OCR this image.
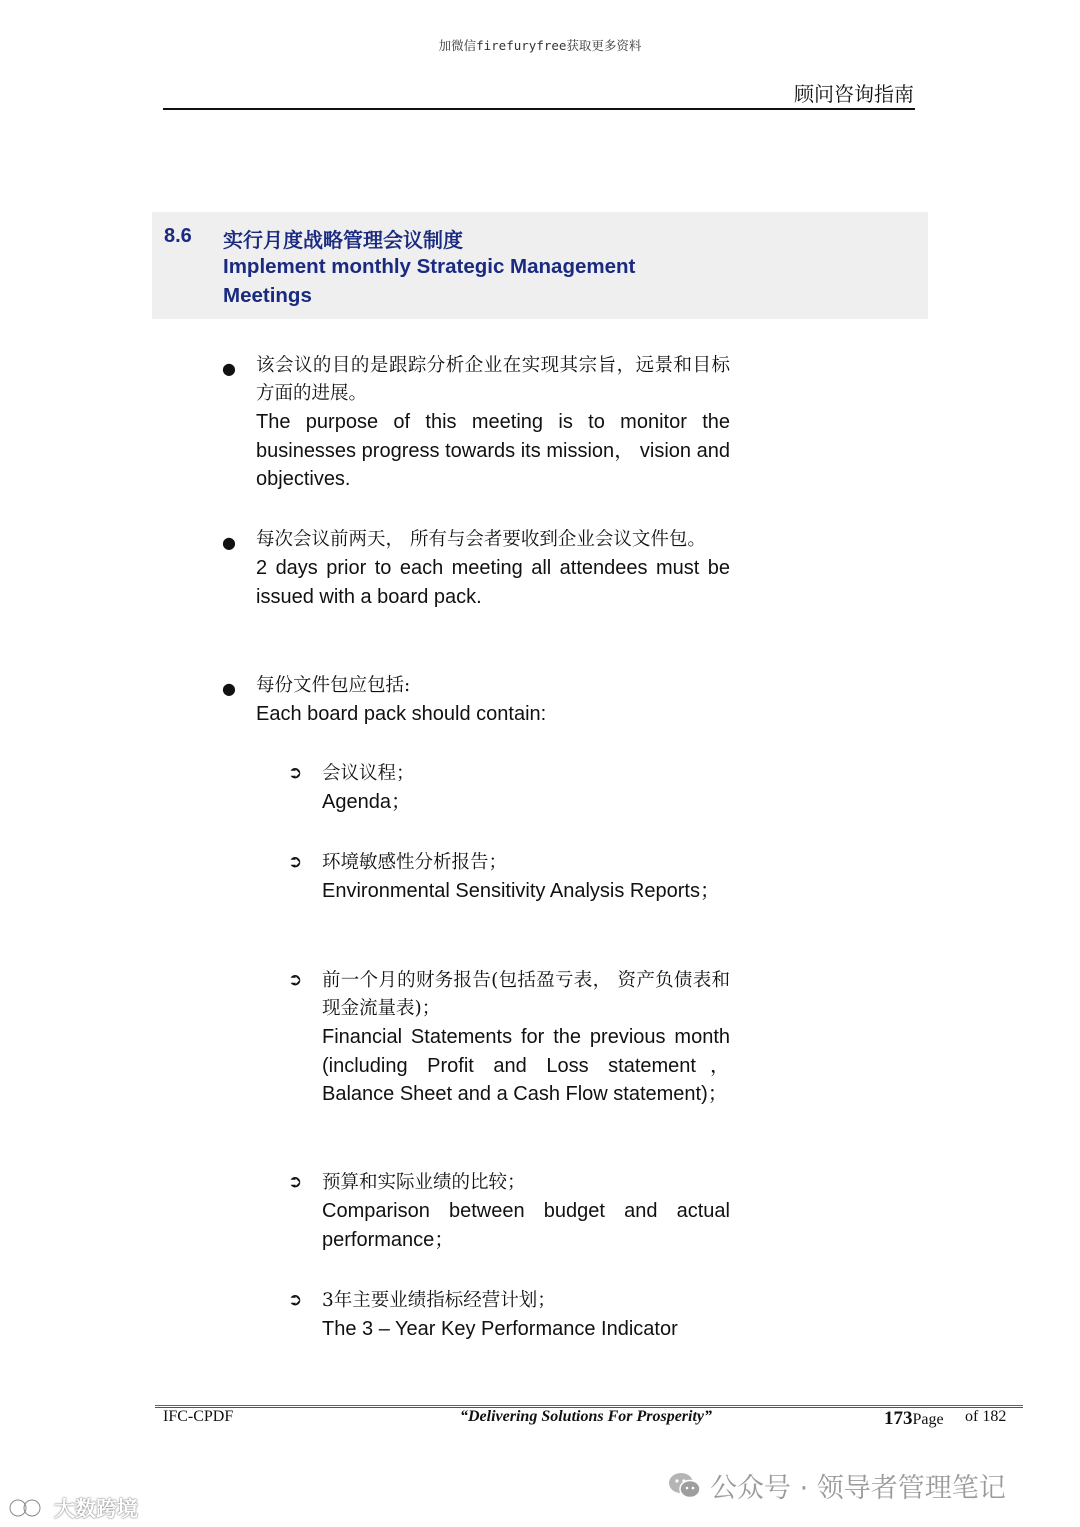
加微信firefuryfree获取更多资料
顾问咨询指南
8.6 实行月度战略管理会议制度
Implement monthly Strategic Management Meetings
● 该会议的目的是跟踪分析企业在实现其宗旨，远景和目标方面的进展。
The purpose of this meeting is to monitor the businesses progress towards its mission， vision and objectives.
● 每次会议前两天， 所有与会者要收到企业会议文件包。
2 days prior to each meeting all attendees must be issued with a board pack.
● 每份文件包应包括:
Each board pack should contain:
➲ 会议议程；
Agenda；
➲ 环境敏感性分析报告；
Environmental Sensitivity Analysis Reports；
➲ 前一个月的财务报告(包括盈亏表， 资产负债表和现金流量表)；
Financial Statements for the previous month (including Profit and Loss statement， Balance Sheet and a Cash Flow statement)；
➲ 预算和实际业绩的比较；
Comparison between budget and actual performance；
➲ 3年主要业绩指标经营计划；
The 3 – Year Key Performance Indicator
IFC-CPDF	“Delivering Solutions For Prosperity”	173Page of 182
公众号 · 领导者管理笔记
大数跨境
